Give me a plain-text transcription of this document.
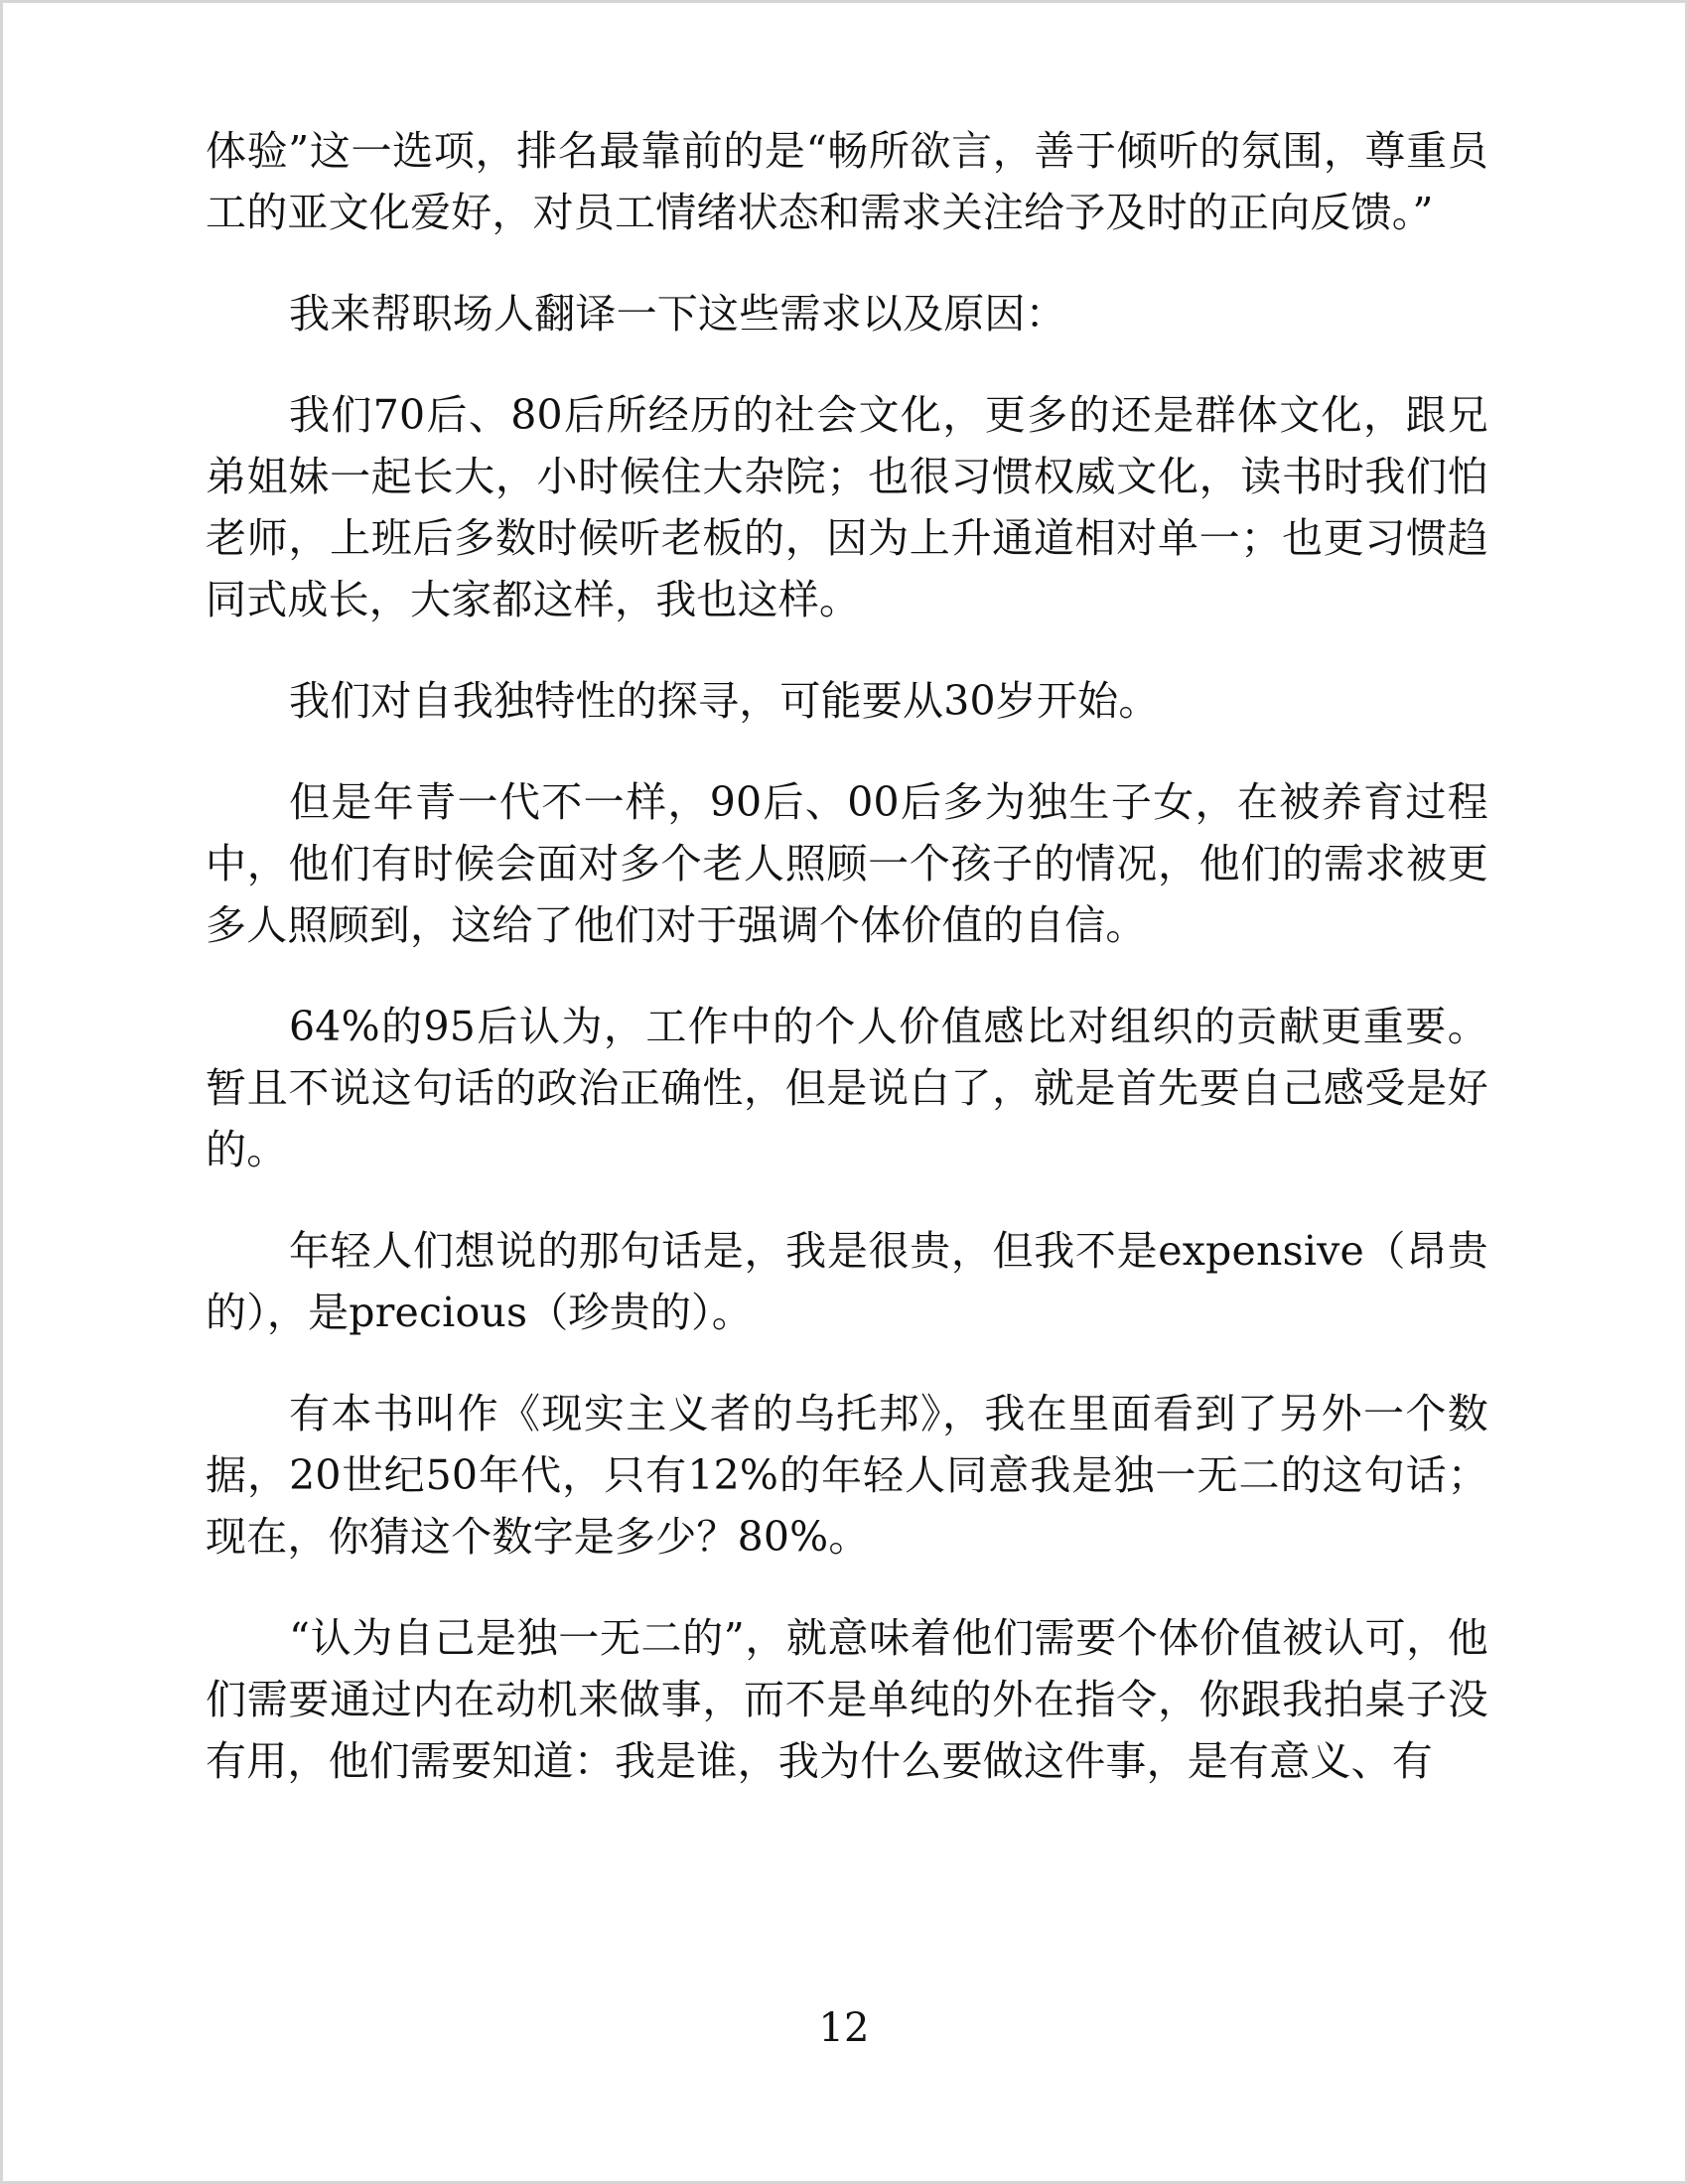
体验”这一选项，排名最靠前的是“畅所欲言，善于倾听的氛围，尊重员工的亚文化爱好，对员工情绪状态和需求关注给予及时的正向反馈。”

我来帮职场人翻译一下这些需求以及原因：

我们70后、80后所经历的社会文化，更多的还是群体文化，跟兄弟姐妹一起长大，小时候住大杂院；也很习惯权威文化，读书时我们怕老师，上班后多数时候听老板的，因为上升通道相对单一；也更习惯趋同式成长，大家都这样，我也这样。

我们对自我独特性的探寻，可能要从30岁开始。

但是年青一代不一样，90后、00后多为独生子女，在被养育过程中，他们有时候会面对多个老人照顾一个孩子的情况，他们的需求被更多人照顾到，这给了他们对于强调个体价值的自信。

64%的95后认为，工作中的个人价值感比对组织的贡献更重要。暂且不说这句话的政治正确性，但是说白了，就是首先要自己感受是好的。

年轻人们想说的那句话是，我是很贵，但我不是expensive（昂贵的），是precious（珍贵的）。

有本书叫作《现实主义者的乌托邦》，我在里面看到了另外一个数据，20世纪50年代，只有12%的年轻人同意我是独一无二的这句话；现在，你猜这个数字是多少？80%。

“认为自己是独一无二的”，就意味着他们需要个体价值被认可，他们需要通过内在动机来做事，而不是单纯的外在指令，你跟我拍桌子没有用，他们需要知道：我是谁，我为什么要做这件事，是有意义、有

12
